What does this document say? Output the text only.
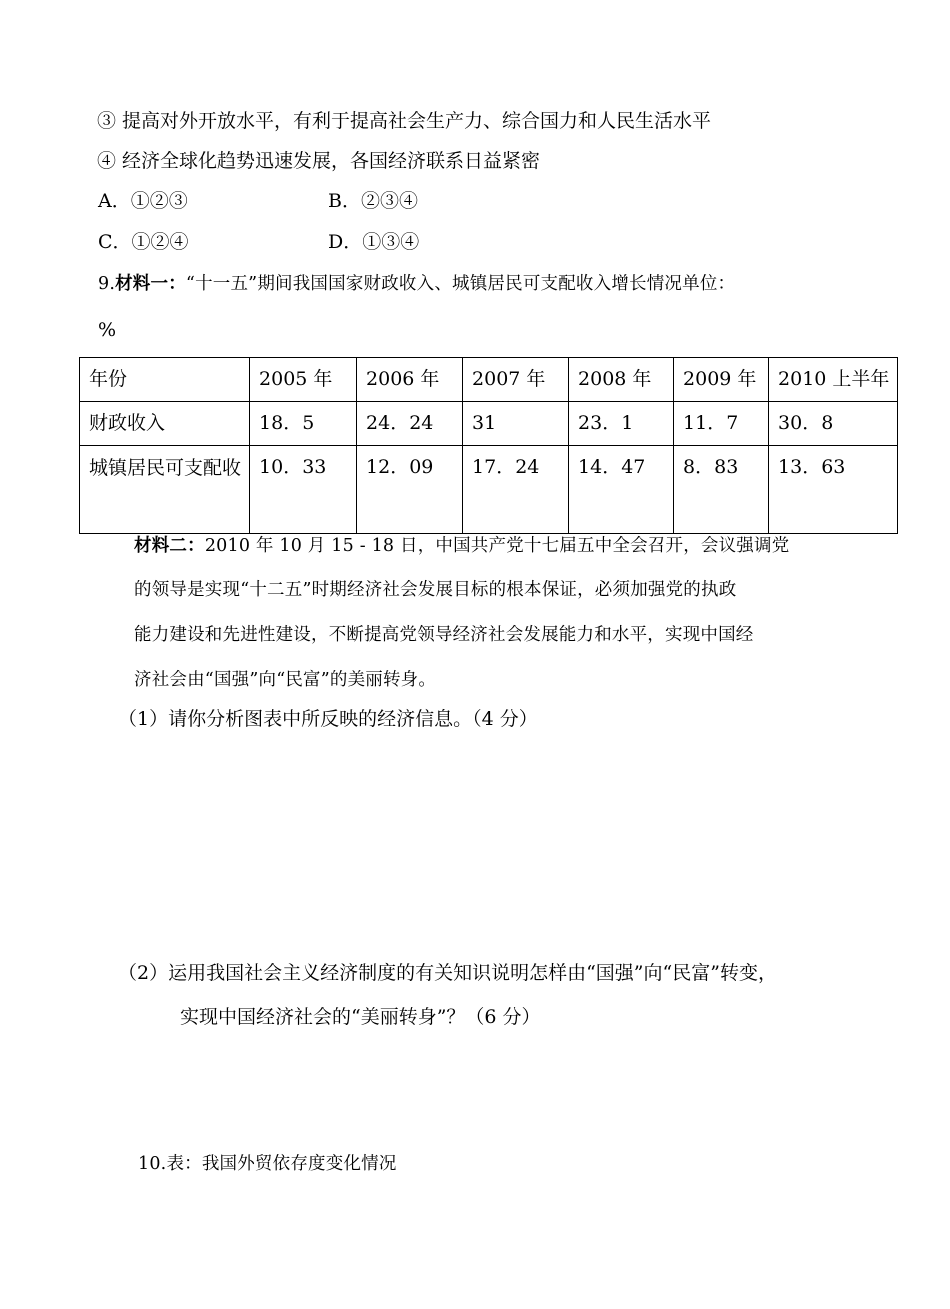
③ 提高对外开放水平，有利于提高社会生产力、综合国力和人民生活水平
④ 经济全球化趋势迅速发展，各国经济联系日益紧密
A．①②③	B．②③④
C．①②④	D．①③④
9.材料一：“十一五”期间我国国家财政收入、城镇居民可支配收入增长情况单位：
%
年份	2005 年	2006 年	2007 年	2008 年	2009 年	2010 上半年
财政收入	18．5	24．24	31	23．1	11．7	30．8
城镇居民可支配收	10．33	12．09	17．24	14．47	8．83	13．63
材料二：2010 年 10 月 15 - 18 日，中国共产党十七届五中全会召开，会议强调党
的领导是实现“十二五”时期经济社会发展目标的根本保证，必须加强党的执政
能力建设和先进性建设，不断提高党领导经济社会发展能力和水平，实现中国经
济社会由“国强”向“民富”的美丽转身。
（1）请你分析图表中所反映的经济信息。（4 分）
（2）运用我国社会主义经济制度的有关知识说明怎样由“国强”向“民富”转变，
实现中国经济社会的“美丽转身”？（6 分）
10.表：我国外贸依存度变化情况
